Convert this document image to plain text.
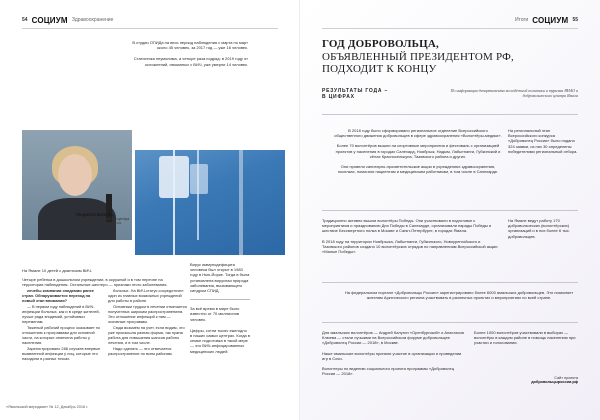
54 СОЦИУМ Здравоохранение

В студии ОПИДа на весь период наблюдения с марта по март около 45 человек, за 2017 год — уже 16 человек.

Статистика неумолима, а четыре раза подряд: в 2019 году от осложнений, связанных с ВИЧ, уже умерли 14 человек.

Людмила Волова,
главный врач окружного центра профилактики и борьбы со СПИДом

На Ямале 10 детей с диагнозом ВИЧ.

Четыре ребенка в дошкольном учреждении, в окружной и в том перечне на территории наблюдения. Остальные шестеро — признаки этого заболевания.

Вирус иммунодефицита человека был открыт в 1983 году в Нью-Йорке. Тогда в была установлена вирусная природа заболевания, вызывающего синдром СПИД.

За всё время в мире было известно от 70 миллионов человек.

Цифры, сотни тысяч ежегодно в наших самых центрах. Когда в семье подготовка в такой мере — это ВИЧ-инфицированных медицинских людей.

лечебы компании эпидемии ранее стран. Обнаруживается переход на новый этап внимания?

— В первом году наблюдений в ВИЧ-инфекции больных, как и в среде жителей, лучше ряда эпидемий, устойчивых переменам.

Тяжелый рабочий процесс оказывает по отношению к программам для основной части, на которые отмечена работы у населения.

Зарегистрировано 288 случаев впервые выявленной инфекции у лиц, которые это находили в разных точках.

больных. На ВИЧ-статус сосредоточен один из главных возможных учреждений для работы в районе.

Основным трудом в лечении отмечается полученных широким распространением. Это отношение инфекций к ним — основные программы.

Сюда возьмем на учет, если видим, что уже произошла разная форма, так нужна работа для повышения шансов работы лечения, и в том числе.

Надо сделать — это отмечается распространение по всем районам.

«Ямальский меридиан» № 12, Декабрь 2018 г.
Итоги СОЦИУМ 55
ГОД ДОБРОВОЛЬЦА,
ОБЪЯВЛЕННЫЙ ПРЕЗИДЕНТОМ РФ,
ПОДХОДИТ К КОНЦУ
РЕЗУЛЬТАТЫ ГОДА –
В ЦИФРАХ
По информации департамента молодёжной политики и туризма ЯНАО и добровольческого центра Ямала

В 2018 году было сформировано региональное отделение Всероссийского общественного движения добровольцев в сфере здравоохранения «Волонтёры-медики».

Более 70 волонтёров вышли на спортивные мероприятия и фестиваль с организацией проектов у населения в городах Салехард, Ноябрьск, Надым, Лабытнанги, Губкинский и сёлах Красноселькупа, Тазовского района и других.

Они провели санитарно-просветительские акции в учреждениях здравоохранения, поселках, помогали пациентам и медицинским работникам, в том числе в Салехарде.

На региональный этап Всероссийского конкурса «Доброволец России» было подано 324 заявки, из них 30 определены победителями региональный отбора.

Традиционно активно вышли волонтёры Победы. Они участвовали в подготовке к мероприятиям и празднованию Дня Победы в Салехарде, организовали парады Победы и шествие Бессмертного полка в Москве и Санкт-Петербурге, в городах Ямала.

В 2018 году на территории Ноябрьска, Лабытнанги, Губкинского, Новоуренгойского и Тазовского районов создано 10 волонтёрских отрядов по направлениям Всероссийской акции «Малые Победы».

На Ямале ведут работу 170 добровольческих (волонтёрских) организаций и в них более 6 тыс. добровольцев.

На федеральном портале «Добровольцы России» зарегистрировано более 6000 ямальских добровольцев. Это позволяет жителям Арктического региона участвовать в различных проектах и мероприятиях по всей стране.

Для ямальских волонтёров — Андрей Калугин «Оренбургский» и Анастасия Клюева — стали лучшими на Всероссийском форуме добровольцев «Доброволец России — 2018», в Москве.

Наше ямальские волонтёры приняли участие в организации и проведении игр в Сочи.

Волонтеры по ведению социального проекта программы «Доброволец России — 2018».

Более 1000 волонтёров участвовали в выборах — волонтёры в каждом районе в помощь населению при участии и голосовании.

Сайт проекта
добровольцыроссии.рф
